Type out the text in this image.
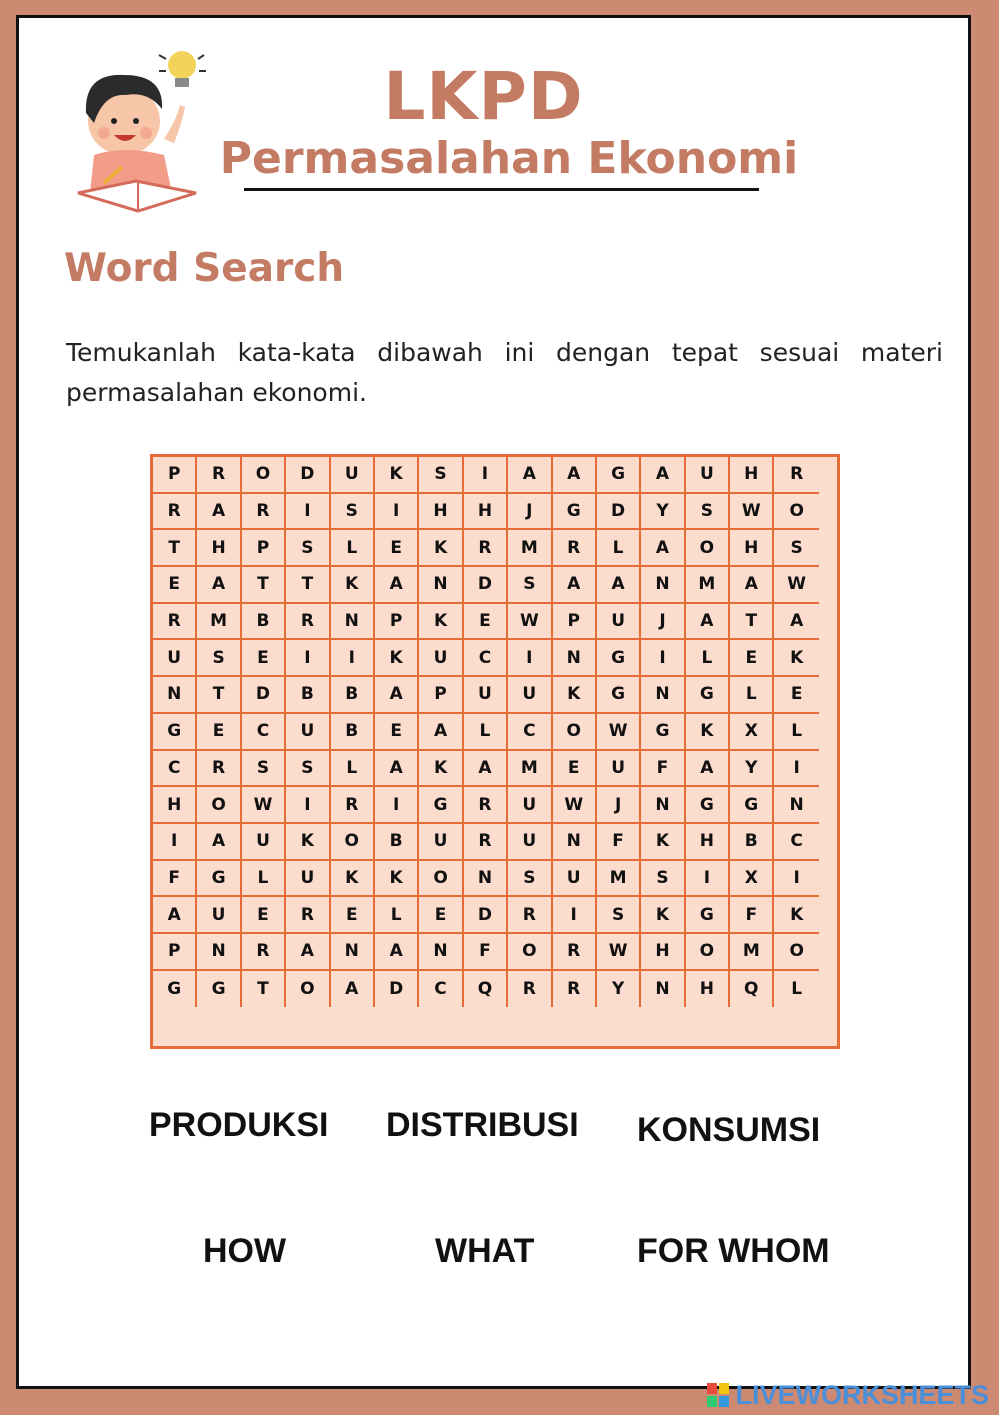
LKPD
Permasalahan Ekonomi
Word Search
Temukanlah kata-kata dibawah ini dengan tepat sesuai materi permasalahan ekonomi.
P	R	O	D	U	K	S	I	A	A	G	A	U	H	R
R	A	R	I	S	I	H	H	J	G	D	Y	S	W	O
T	H	P	S	L	E	K	R	M	R	L	A	O	H	S
E	A	T	T	K	A	N	D	S	A	A	N	M	A	W
R	M	B	R	N	P	K	E	W	P	U	J	A	T	A
U	S	E	I	I	K	U	C	I	N	G	I	L	E	K
N	T	D	B	B	A	P	U	U	K	G	N	G	L	E
G	E	C	U	B	E	A	L	C	O	W	G	K	X	L
C	R	S	S	L	A	K	A	M	E	U	F	A	Y	I
H	O	W	I	R	I	G	R	U	W	J	N	G	G	N
I	A	U	K	O	B	U	R	U	N	F	K	H	B	C
F	G	L	U	K	K	O	N	S	U	M	S	I	X	I
A	U	E	R	E	L	E	D	R	I	S	K	G	F	K
P	N	R	A	N	A	N	F	O	R	W	H	O	M	O
G	G	T	O	A	D	C	Q	R	R	Y	N	H	Q	L
PRODUKSI DISTRIBUSI KONSUMSI
HOW	WHAT	FOR WHOM
LIVEWORKSHEETS
